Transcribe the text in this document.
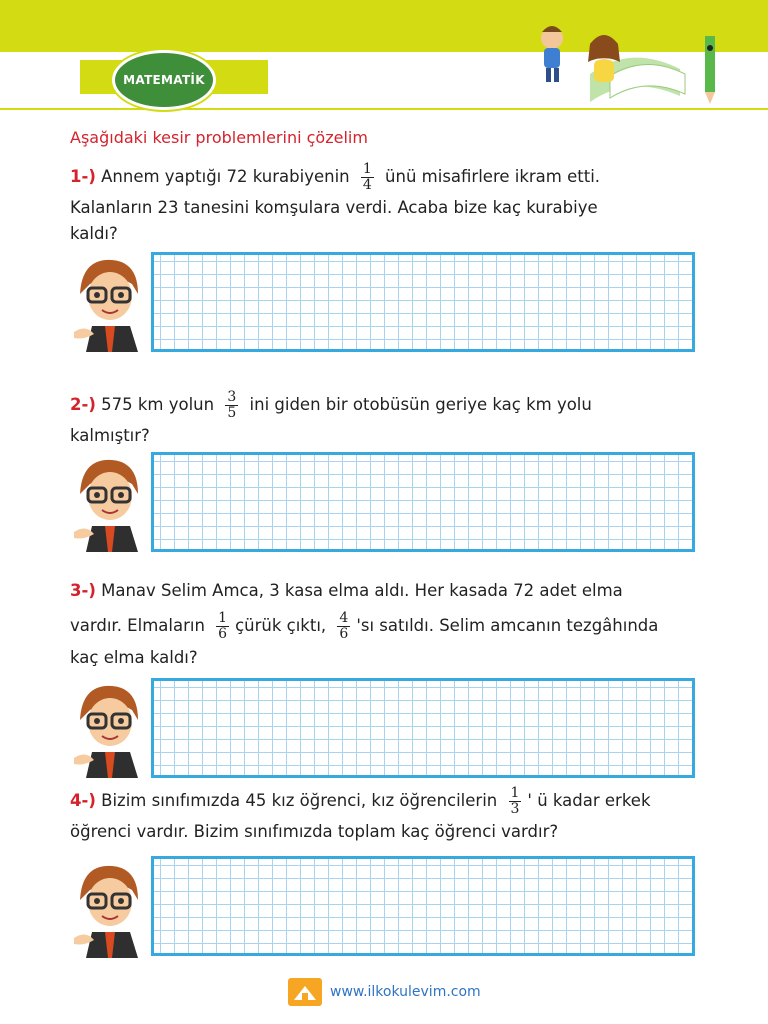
MATEMATİK
Aşağıdaki kesir problemlerini çözelim
1-) Annem yaptığı 72 kurabiyenin $\frac{1}{4}$ ünü misafirlere ikram etti.
Kalanların 23 tanesini komşulara verdi. Acaba bize kaç kurabiye
kaldı?
2-) 575 km yolun $\frac{3}{5}$ ini giden bir otobüsün geriye kaç km yolu
kalmıştır?
3-) Manav Selim Amca, 3 kasa elma aldı. Her kasada 72 adet elma
vardır. Elmaların $\frac{1}{6}$ çürük çıktı, $\frac{4}{6}$ 'sı satıldı. Selim amcanın tezgâhında
kaç elma kaldı?
4-) Bizim sınıfımızda 45 kız öğrenci, kız öğrencilerin $\frac{1}{3}$ ' ü kadar erkek
öğrenci vardır. Bizim sınıfımızda toplam kaç öğrenci vardır?
www.ilkokulevim.com
